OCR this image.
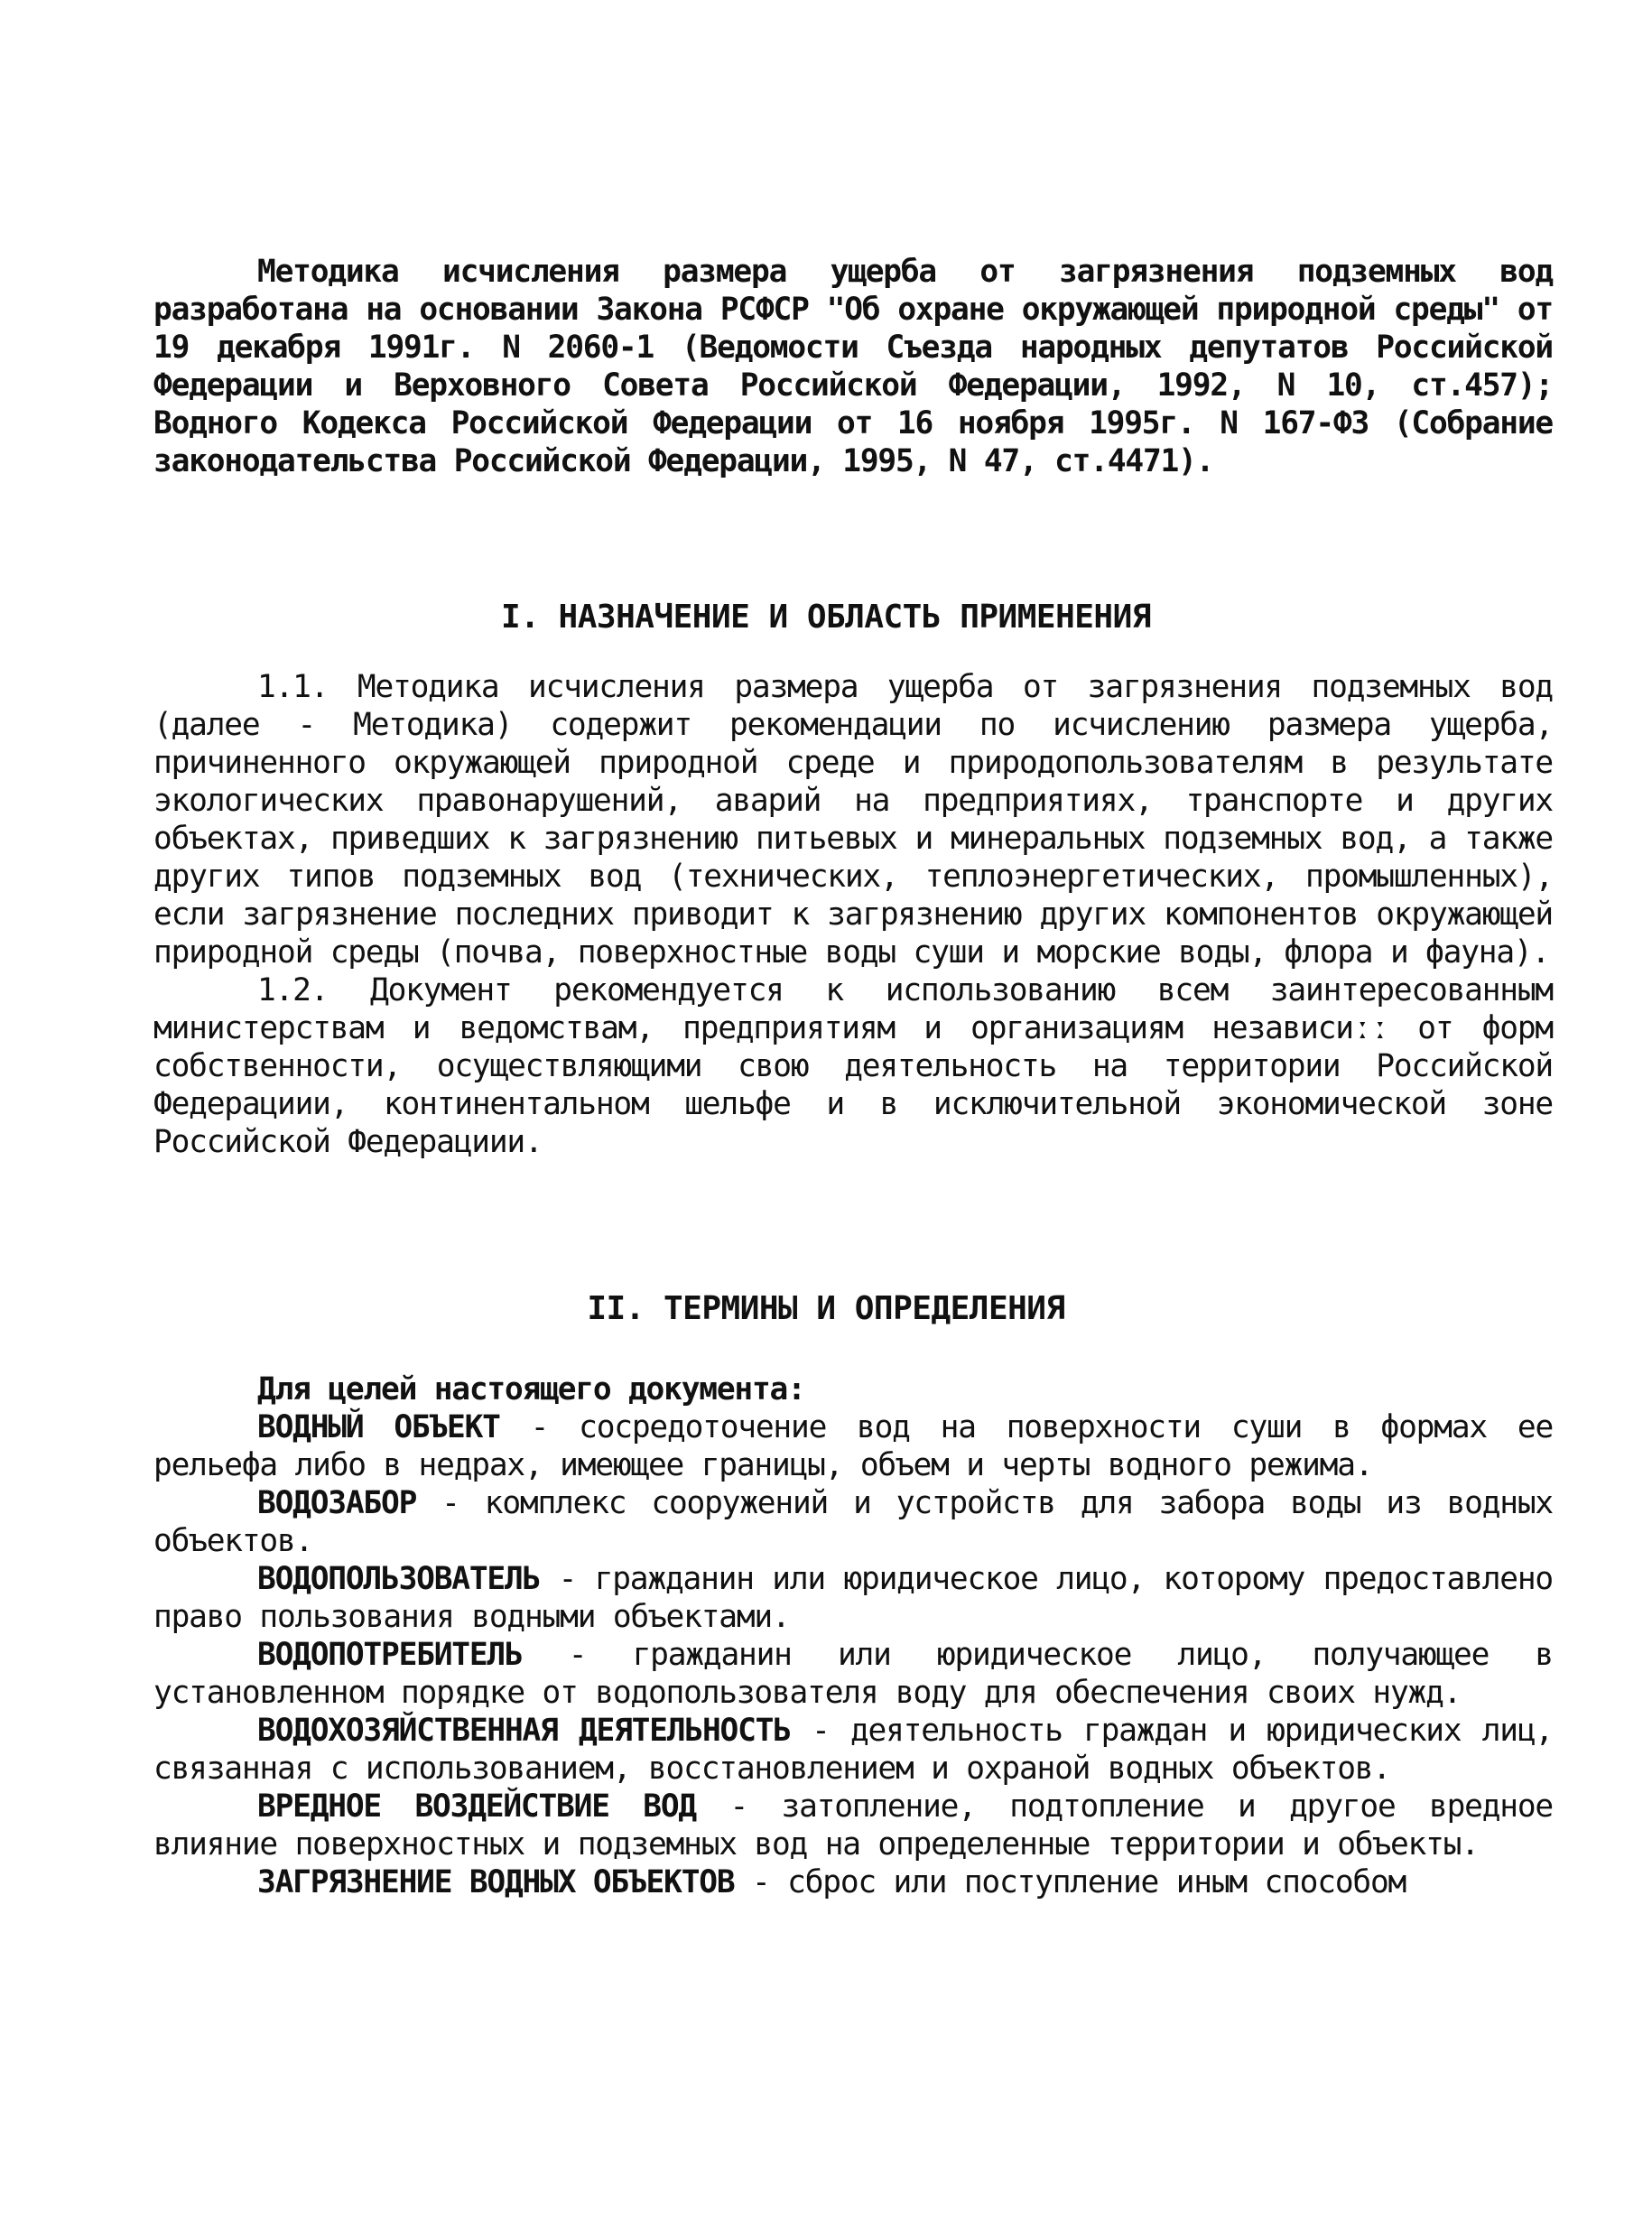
Методика исчисления размера ущерба от загрязнения подземных вод разработана на основании Закона РСФСР "Об охране окружающей природной среды" от 19 декабря 1991г. N 2060-1 (Ведомости Съезда народных депутатов Российской Федерации и Верховного Совета Российской Федерации, 1992, N 10, ст.457); Водного Кодекса Российской Федерации от 16 ноября 1995г. N 167-ФЗ (Собрание законодательства Российской Федерации, 1995, N 47, ст.4471).

I. НАЗНАЧЕНИЕ И ОБЛАСТЬ ПРИМЕНЕНИЯ

1.1. Методика исчисления размера ущерба от загрязнения подземных вод (далее - Методика) содержит рекомендации по исчислению размера ущерба, причиненного окружающей природной среде и природопользователям в результате экологических правонарушений, аварий на предприятиях, транспорте и других объектах, приведших к загрязнению питьевых и минеральных подземных вод, а также других типов подземных вод (технических, теплоэнергетических, промышленных), если загрязнение последних приводит к загрязнению других компонентов окружающей природной среды (почва, поверхностные воды суши и морские воды, флора и фауна).

1.2. Документ рекомендуется к использованию всем заинтересованным министерствам и ведомствам, предприятиям и организациям независиːː от форм собственности, осуществляющими свою деятельность на территории Российской Федерациии, континентальном шельфе и в исключительной экономической зоне Российской Федерациии.

II. ТЕРМИНЫ И ОПРЕДЕЛЕНИЯ

Для целей настоящего документа:

ВОДНЫЙ ОБЪЕКТ - сосредоточение вод на поверхности суши в формах ее рельефа либо в недрах, имеющее границы, объем и черты водного режима.

ВОДОЗАБОР - комплекс сооружений и устройств для забора воды из водных объектов.

ВОДОПОЛЬЗОВАТЕЛЬ - гражданин или юридическое лицо, которому предоставлено право пользования водными объектами.

ВОДОПОТРЕБИТЕЛЬ - гражданин или юридическое лицо, получающее в установленном порядке от водопользователя воду для обеспечения своих нужд.

ВОДОХОЗЯЙСТВЕННАЯ ДЕЯТЕЛЬНОСТЬ - деятельность граждан и юридических лиц, связанная с использованием, восстановлением и охраной водных объектов.

ВРЕДНОЕ ВОЗДЕЙСТВИЕ ВОД - затопление, подтопление и другое вредное влияние поверхностных и подземных вод на определенные территории и объекты.

ЗАГРЯЗНЕНИЕ ВОДНЫХ ОБЪЕКТОВ - сброс или поступление иным способом
